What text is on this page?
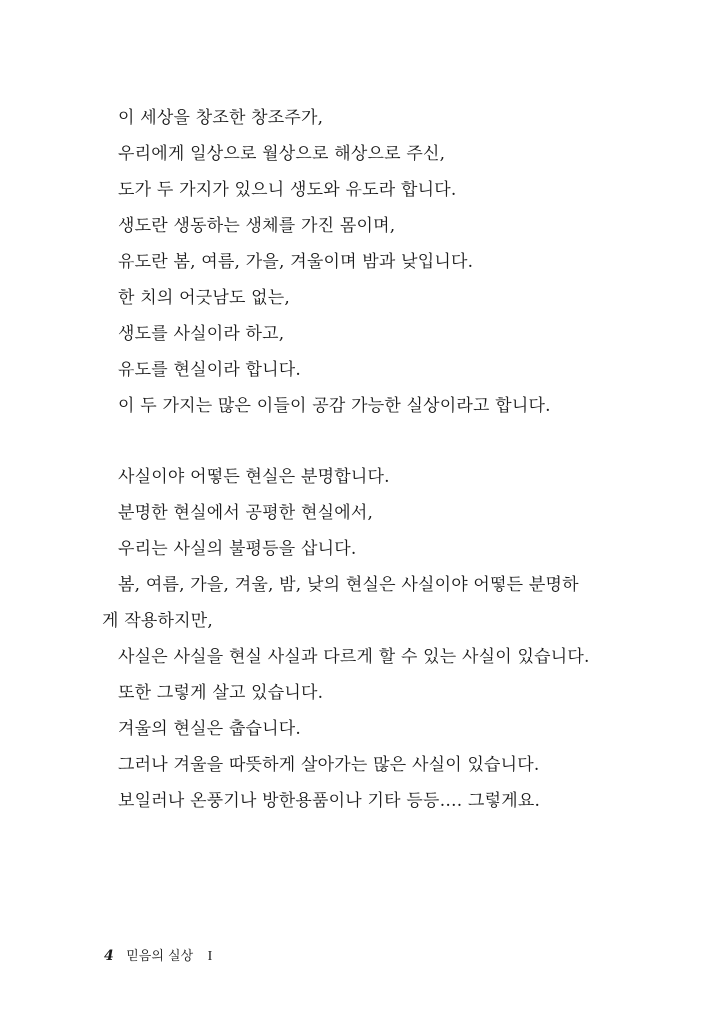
이 세상을 창조한 창조주가,

우리에게 일상으로 월상으로 해상으로 주신,

도가 두 가지가 있으니 생도와 유도라 합니다.

생도란 생동하는 생체를 가진 몸이며,

유도란 봄, 여름, 가을, 겨울이며 밤과 낮입니다.

한 치의 어긋남도 없는,

생도를 사실이라 하고,

유도를 현실이라 합니다.

이 두 가지는 많은 이들이 공감 가능한 실상이라고 합니다.

사실이야 어떻든 현실은 분명합니다.

분명한 현실에서 공평한 현실에서,

우리는 사실의 불평등을 삽니다.

봄, 여름, 가을, 겨울, 밤, 낮의 현실은 사실이야 어떻든 분명하

게 작용하지만,

사실은 사실을 현실 사실과 다르게 할 수 있는 사실이 있습니다.

또한 그렇게 살고 있습니다.

겨울의 현실은 춥습니다.

그러나 겨울을 따뜻하게 살아가는 많은 사실이 있습니다.

보일러나 온풍기나 방한용품이나 기타 등등…. 그렇게요.

4 믿음의 실상 I
